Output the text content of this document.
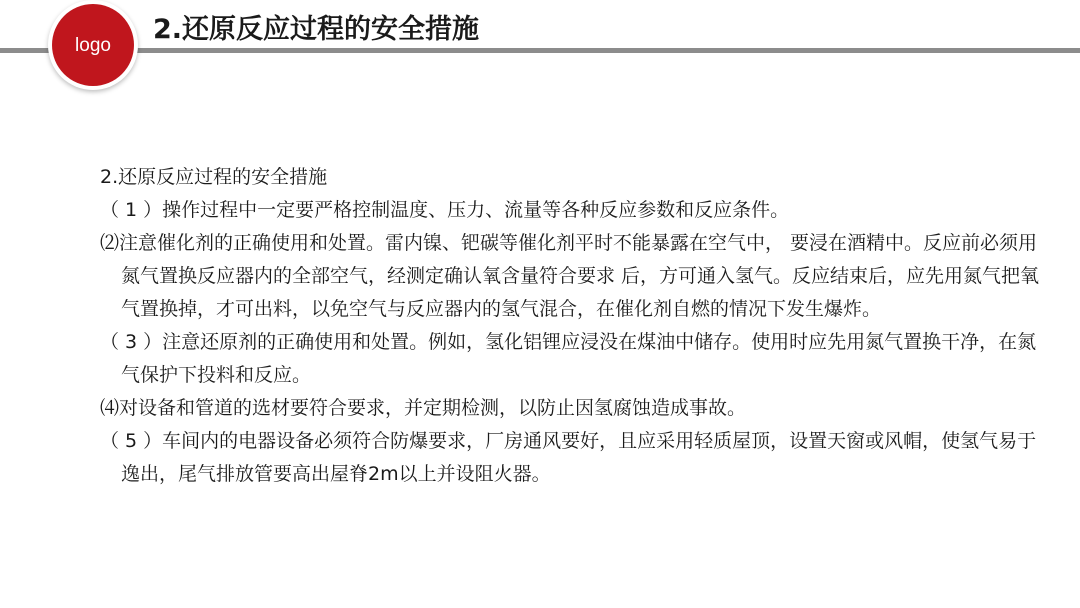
logo 2.还原反应过程的安全措施

2.还原反应过程的安全措施

（ 1 ）操作过程中一定要严格控制温度、压力、流量等各种反应参数和反应条件。

⑵注意催化剂的正确使用和处置。雷内镍、钯碳等催化剂平时不能暴露在空气中， 要浸在酒精中。反应前必须用氮气置换反应器内的全部空气，经测定确认氧含量符合要求 后，方可通入氢气。反应结束后，应先用氮气把氧气置换掉，才可出料，以免空气与反应器内的氢气混合，在催化剂自燃的情况下发生爆炸。

（ 3 ）注意还原剂的正确使用和处置。例如，氢化铝锂应浸没在煤油中储存。使用时应先用氮气置换干净，在氮气保护下投料和反应。

⑷对设备和管道的选材要符合要求，并定期检测，以防止因氢腐蚀造成事故。

（ 5 ）车间内的电器设备必须符合防爆要求，厂房通风要好，且应采用轻质屋顶，设置天窗或风帽，使氢气易于逸出，尾气排放管要高出屋脊2m以上并设阻火器。
